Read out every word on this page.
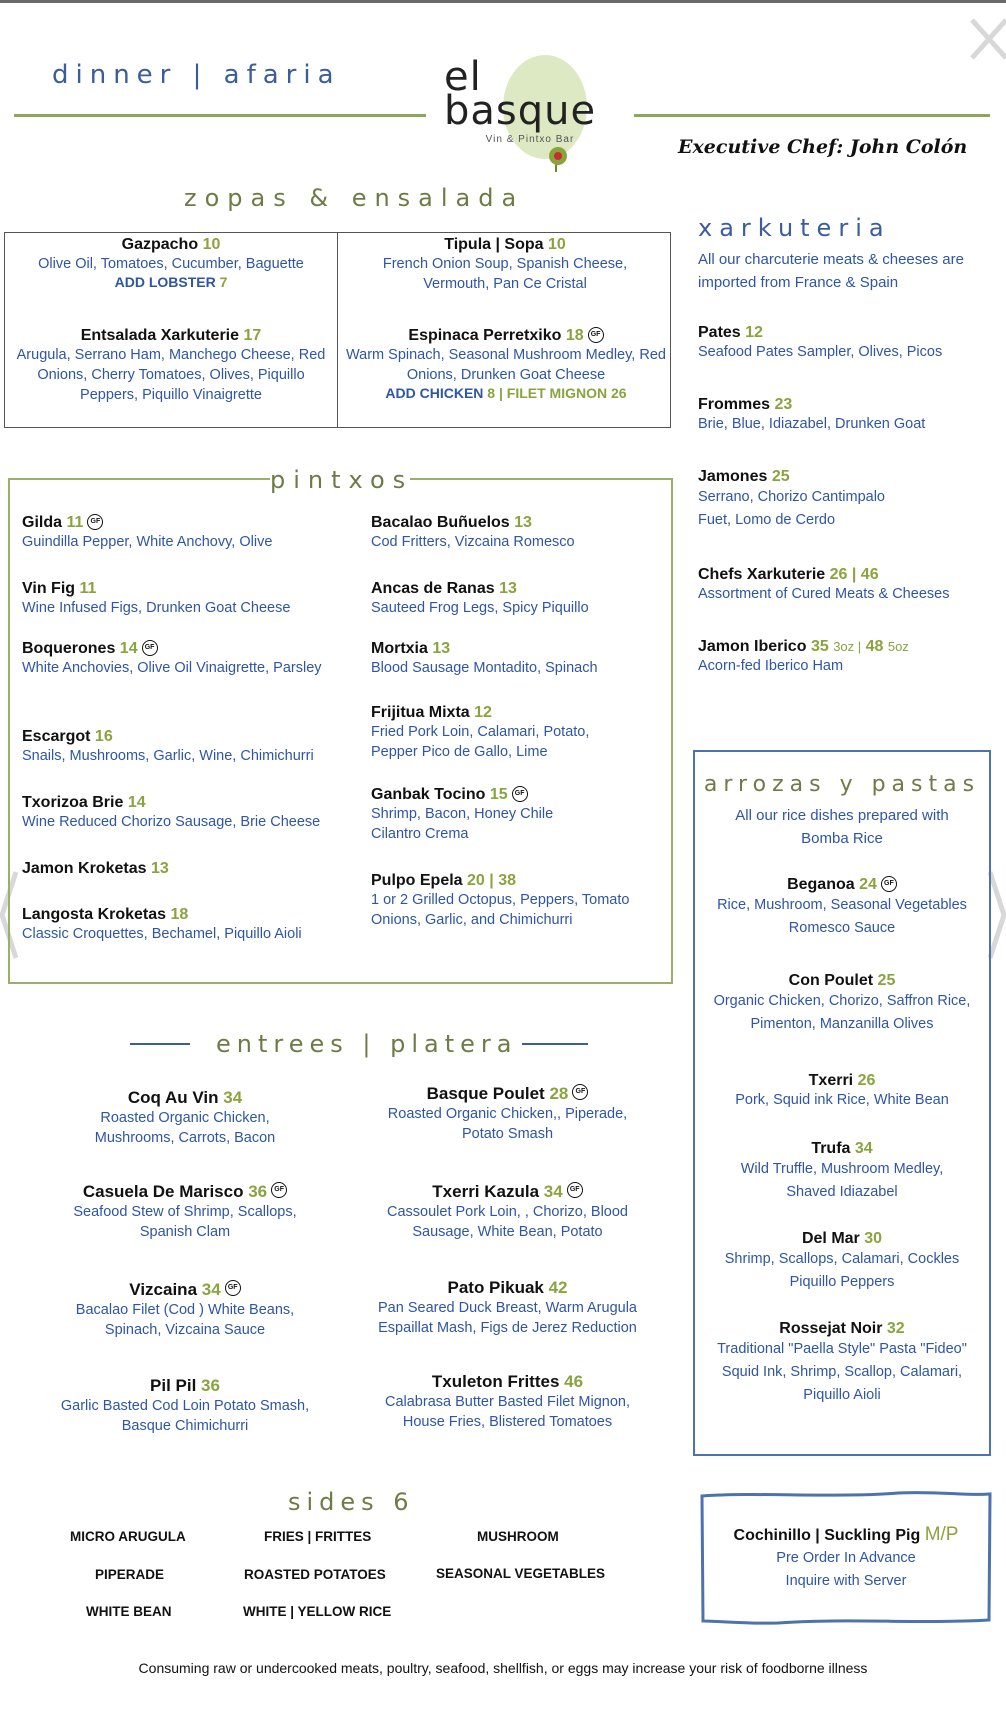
dinner | afaria	el basque
Vin & Pintxo Bar	Executive Chef: John Colón
zopas & ensalada
Gazpacho 10
Olive Oil, Tomatoes, Cucumber, Baguette
ADD LOBSTER 7
Tipula | Sopa 10
French Onion Soup, Spanish Cheese, Vermouth, Pan Ce Cristal
Entsalada Xarkuterie 17
Arugula, Serrano Ham, Manchego Cheese, Red Onions, Cherry Tomatoes, Olives, Piquillo Peppers, Piquillo Vinaigrette
Espinaca Perretxiko 18 GF
Warm Spinach, Seasonal Mushroom Medley, Red Onions, Drunken Goat Cheese
ADD CHICKEN 8 | FILET MIGNON 26
pintxos
Gilda 11 GF
Guindilla Pepper, White Anchovy, Olive
Vin Fig 11
Wine Infused Figs, Drunken Goat Cheese
Boquerones 14 GF
White Anchovies, Olive Oil Vinaigrette, Parsley
Escargot 16
Snails, Mushrooms, Garlic, Wine, Chimichurri
Txorizoa Brie 14
Wine Reduced Chorizo Sausage, Brie Cheese
Jamon Kroketas 13
Langosta Kroketas 18
Classic Croquettes, Bechamel, Piquillo Aioli
Bacalao Buñuelos 13
Cod Fritters, Vizcaina Romesco
Ancas de Ranas 13
Sauteed Frog Legs, Spicy Piquillo
Mortxia 13
Blood Sausage Montadito, Spinach
Frijitua Mixta 12
Fried Pork Loin, Calamari, Potato, Pepper Pico de Gallo, Lime
Ganbak Tocino 15 GF
Shrimp, Bacon, Honey Chile Cilantro Crema
Pulpo Epela 20 | 38
1 or 2 Grilled Octopus, Peppers, Tomato Onions, Garlic, and Chimichurri
entrees | platera
Coq Au Vin 34
Roasted Organic Chicken, Mushrooms, Carrots, Bacon
Casuela De Marisco 36 GF
Seafood Stew of Shrimp, Scallops, Spanish Clam
Vizcaina 34 GF
Bacalao Filet (Cod ) White Beans, Spinach, Vizcaina Sauce
Pil Pil 36
Garlic Basted Cod Loin Potato Smash, Basque Chimichurri
Basque Poulet 28 GF
Roasted Organic Chicken,, Piperade, Potato Smash
Txerri Kazula 34 GF
Cassoulet Pork Loin, , Chorizo, Blood Sausage, White Bean, Potato
Pato Pikuak 42
Pan Seared Duck Breast, Warm Arugula Espaillat Mash, Figs de Jerez Reduction
Txuleton Frittes 46
Calabrasa Butter Basted Filet Mignon, House Fries, Blistered Tomatoes
sides 6
MICRO ARUGULA	FRIES | FRITTES	MUSHROOM
PIPERADE	ROASTED POTATOES	SEASONAL VEGETABLES
WHITE BEAN	WHITE | YELLOW RICE
xarkuteria
All our charcuterie meats & cheeses are imported from France & Spain
Pates 12
Seafood Pates Sampler, Olives, Picos
Frommes 23
Brie, Blue, Idiazabel, Drunken Goat
Jamones 25
Serrano, Chorizo Cantimpalo Fuet, Lomo de Cerdo
Chefs Xarkuterie 26 | 46
Assortment of Cured Meats & Cheeses
Jamon Iberico 35 3oz | 48 5oz
Acorn-fed Iberico Ham
arrozas y pastas
All our rice dishes prepared with Bomba Rice
Beganoa 24 GF
Rice, Mushroom, Seasonal Vegetables Romesco Sauce
Con Poulet 25
Organic Chicken, Chorizo, Saffron Rice, Pimenton, Manzanilla Olives
Txerri 26
Pork, Squid ink Rice, White Bean
Trufa 34
Wild Truffle, Mushroom Medley, Shaved Idiazabel
Del Mar 30
Shrimp, Scallops, Calamari, Cockles Piquillo Peppers
Rossejat Noir 32
Traditional "Paella Style" Pasta "Fideo" Squid Ink, Shrimp, Scallop, Calamari, Piquillo Aioli
Cochinillo | Suckling Pig M/P
Pre Order In Advance
Inquire with Server
Consuming raw or undercooked meats, poultry, seafood, shellfish, or eggs may increase your risk of foodborne illness
